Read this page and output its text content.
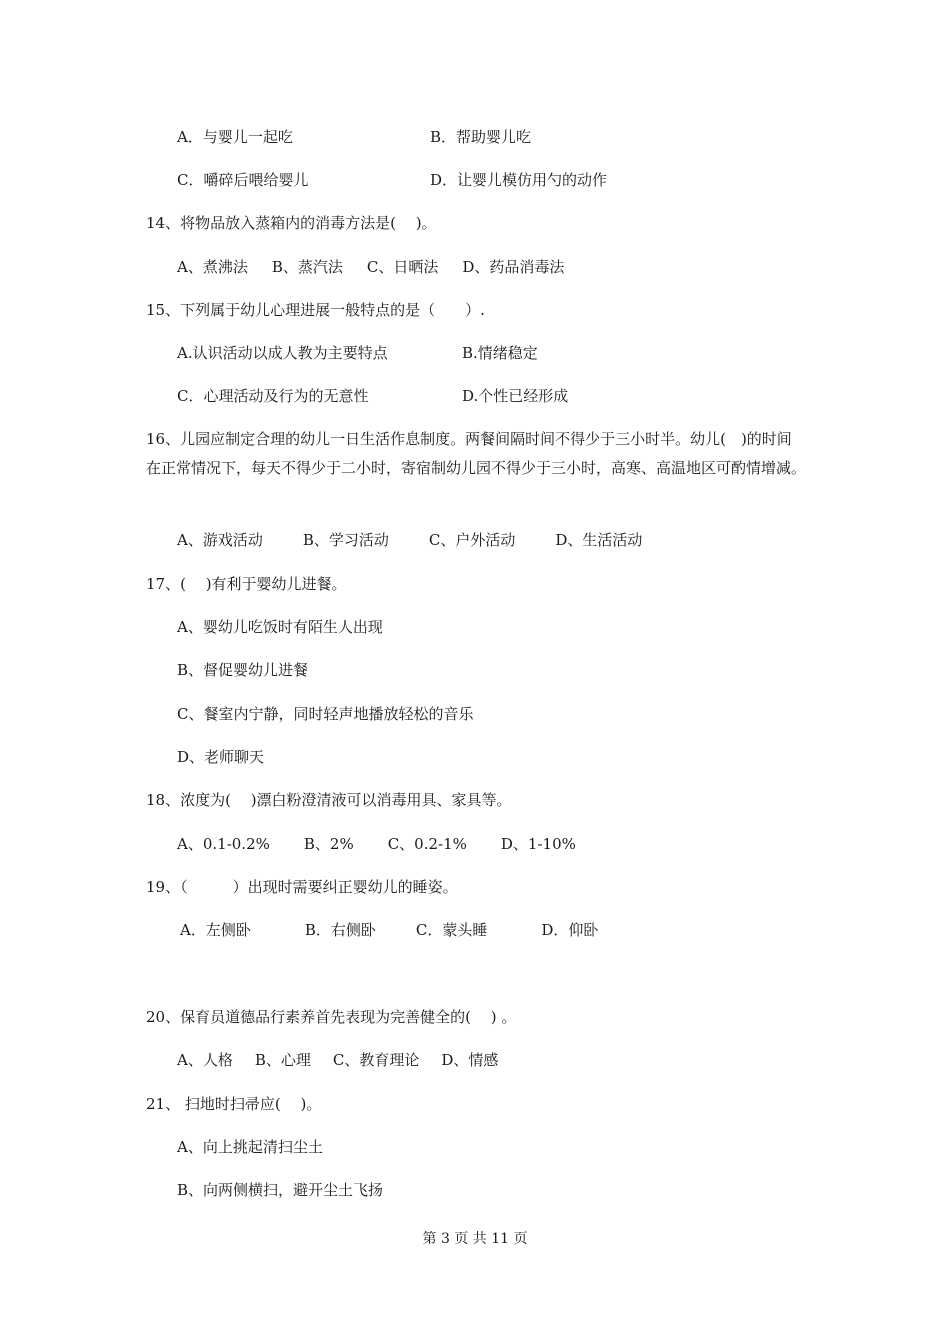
A．与婴儿一起吃	B．帮助婴儿吃
C．嚼碎后喂给婴儿	D．让婴儿模仿用勺的动作
14、将物品放入蒸箱内的消毒方法是(　 )。
A、煮沸法 B、蒸汽法 C、日晒法 D、药品消毒法
15、下列属于幼儿心理进展一般特点的是（　　）.
A.认识活动以成人教为主要特点	B.情绪稳定
C．心理活动及行为的无意性	D.个性已经形成
16、儿园应制定合理的幼儿一日生活作息制度。两餐间隔时间不得少于三小时半。幼儿(　)的时间在正常情况下，每天不得少于二小时，寄宿制幼儿园不得少于三小时，高寒、高温地区可酌情增减。
A、游戏活动	B、学习活动	C、户外活动	D、生活活动
17、(　 )有利于婴幼儿进餐。
A、婴幼儿吃饭时有陌生人出现
B、督促婴幼儿进餐
C、餐室内宁静，同时轻声地播放轻松的音乐
D、老师聊天
18、浓度为(　 )漂白粉澄清液可以消毒用具、家具等。
A、0.1-0.2% B、2% C、0.2-1% D、1-10%
19、（　　　）出现时需要纠正婴幼儿的睡姿。
A．左侧卧	B．右侧卧	C．蒙头睡	D．仰卧
20、保育员道德品行素养首先表现为完善健全的(　 ) 。
A、人格 B、心理 C、教育理论 D、情感
21、 扫地时扫帚应(　 )。
A、向上挑起清扫尘土
B、向两侧横扫，避开尘土飞扬
第 3 页 共 11 页
